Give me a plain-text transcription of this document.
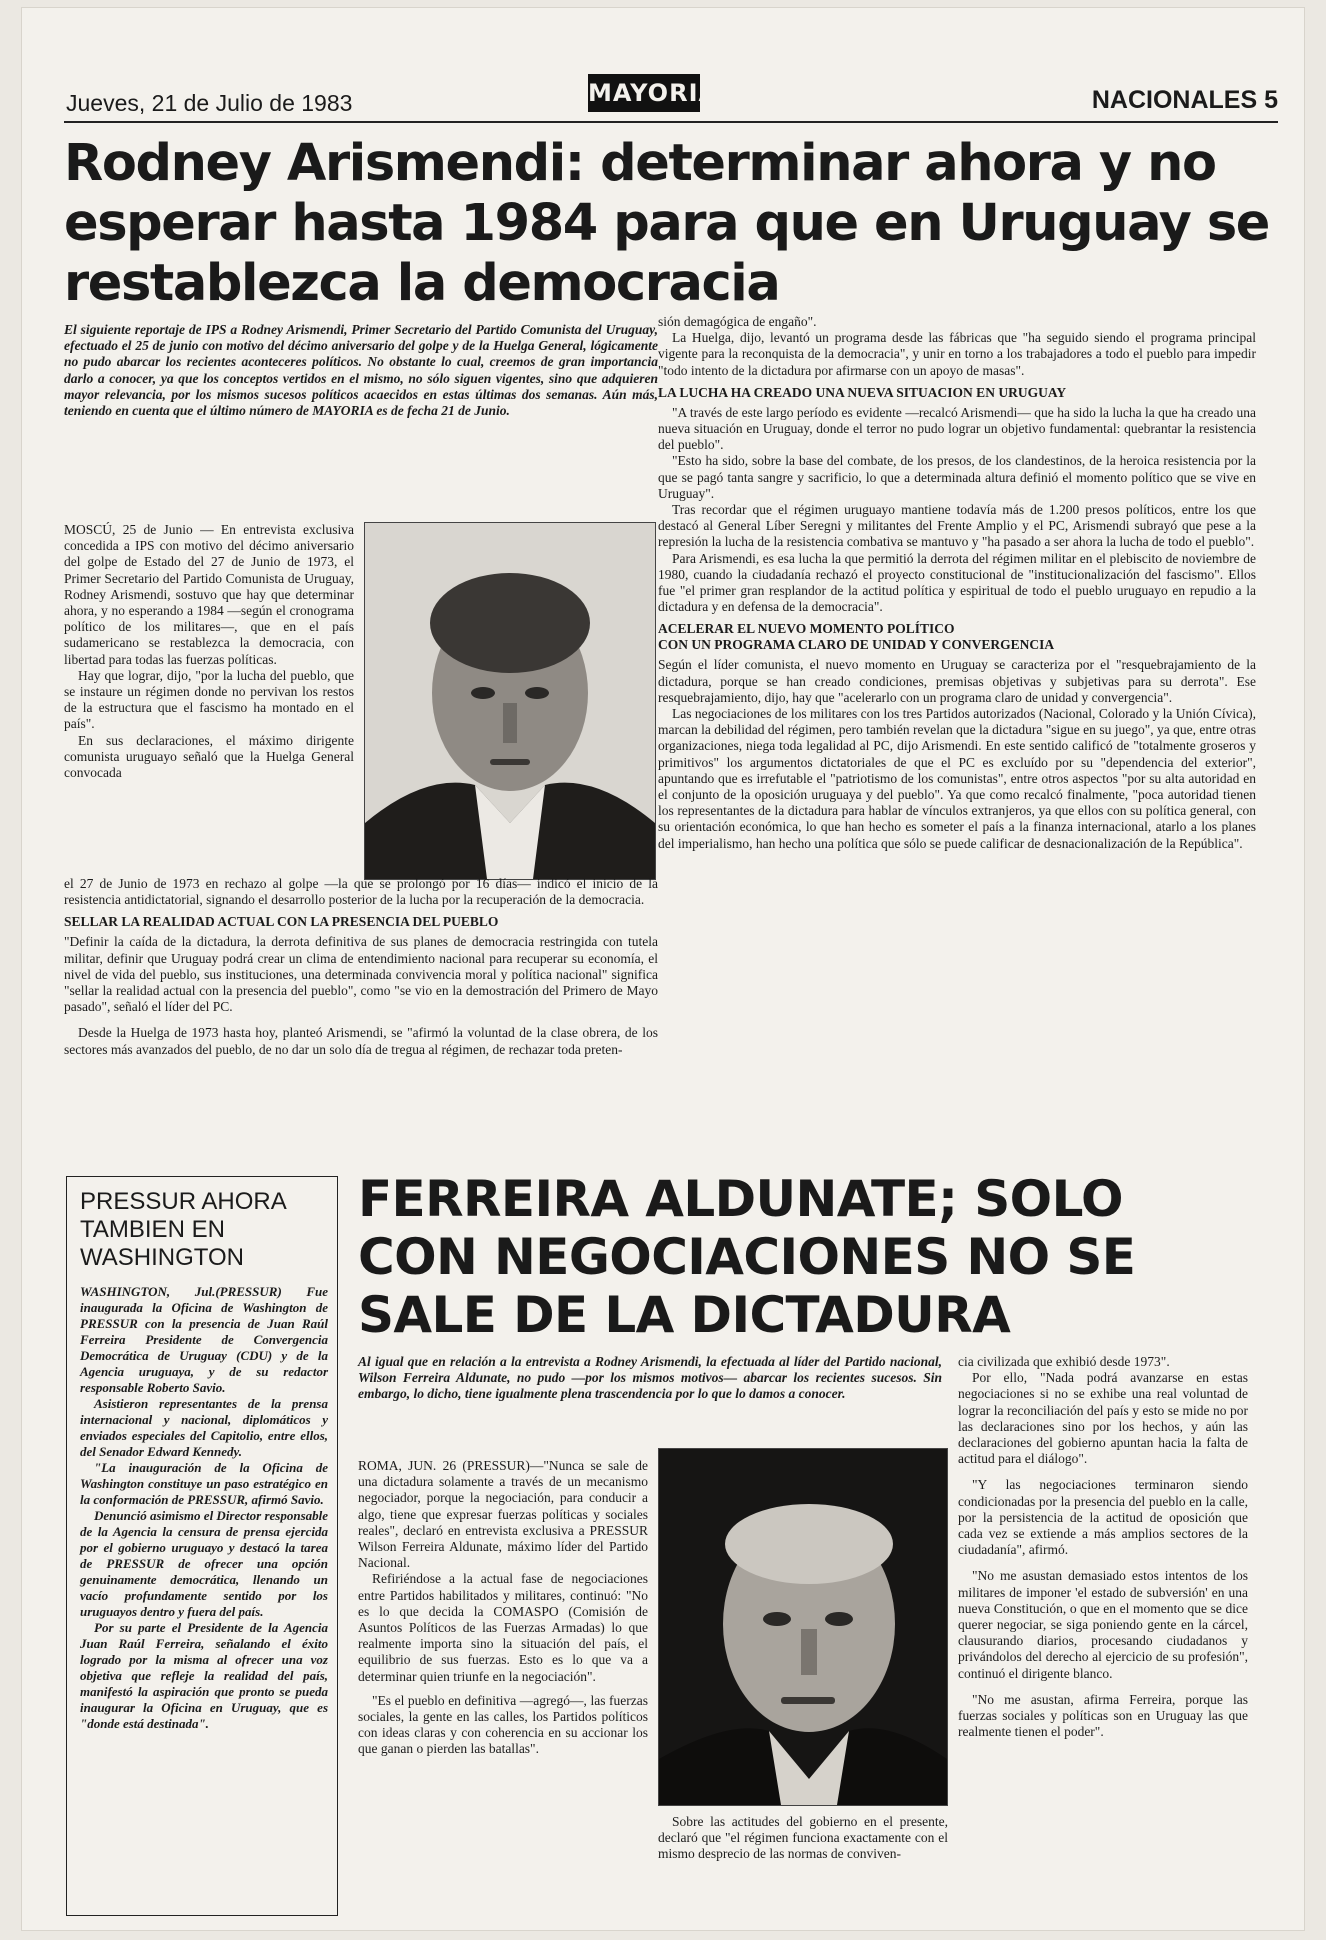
Jueves, 21 de Julio de 1983	MAYORIA	NACIONALES 5
Rodney Arismendi: determinar ahora y no esperar hasta 1984 para que en Uruguay se restablezca la democracia

El siguiente reportaje de IPS a Rodney Arismendi, Primer Secretario del Partido Comunista del Uruguay, efectuado el 25 de junio con motivo del décimo aniversario del golpe y de la Huelga General, lógicamente no pudo abarcar los recientes aconteceres políticos. No obstante lo cual, creemos de gran importancia darlo a conocer, ya que los conceptos vertidos en el mismo, no sólo siguen vigentes, sino que adquieren mayor relevancia, por los mismos sucesos políticos acaecidos en estas últimas dos semanas. Aún más, teniendo en cuenta que el último número de MAYORIA es de fecha 21 de Junio.

MOSCÚ, 25 de Junio — En entrevista exclusiva concedida a IPS con motivo del décimo aniversario del golpe de Estado del 27 de Junio de 1973, el Primer Secretario del Partido Comunista de Uruguay, Rodney Arismendi, sostuvo que hay que determinar ahora, y no esperando a 1984 —según el cronograma político de los militares—, que en el país sudamericano se restablezca la democracia, con libertad para todas las fuerzas políticas.

Hay que lograr, dijo, "por la lucha del pueblo, que se instaure un régimen donde no pervivan los restos de la estructura que el fascismo ha montado en el país".

En sus declaraciones, el máximo dirigente comunista uruguayo señaló que la Huelga General convocada

el 27 de Junio de 1973 en rechazo al golpe —la que se prolongó por 16 días— indicó el inicio de la resistencia antidictatorial, signando el desarrollo posterior de la lucha por la recuperación de la democracia.

SELLAR LA REALIDAD ACTUAL CON LA PRESENCIA DEL PUEBLO

"Definir la caída de la dictadura, la derrota definitiva de sus planes de democracia restringida con tutela militar, definir que Uruguay podrá crear un clima de entendimiento nacional para recuperar su economía, el nivel de vida del pueblo, sus instituciones, una determinada convivencia moral y política nacional" significa "sellar la realidad actual con la presencia del pueblo", como "se vio en la demostración del Primero de Mayo pasado", señaló el líder del PC.

Desde la Huelga de 1973 hasta hoy, planteó Arismendi, se "afirmó la voluntad de la clase obrera, de los sectores más avanzados del pueblo, de no dar un solo día de tregua al régimen, de rechazar toda preten-

sión demagógica de engaño".

La Huelga, dijo, levantó un programa desde las fábricas que "ha seguido siendo el programa principal vigente para la reconquista de la democracia", y unir en torno a los trabajadores a todo el pueblo para impedir "todo intento de la dictadura por afirmarse con un apoyo de masas".

LA LUCHA HA CREADO UNA NUEVA SITUACION EN URUGUAY

"A través de este largo período es evidente —recalcó Arismendi— que ha sido la lucha la que ha creado una nueva situación en Uruguay, donde el terror no pudo lograr un objetivo fundamental: quebrantar la resistencia del pueblo".

"Esto ha sido, sobre la base del combate, de los presos, de los clandestinos, de la heroica resistencia por la que se pagó tanta sangre y sacrificio, lo que a determinada altura definió el momento político que se vive en Uruguay".

Tras recordar que el régimen uruguayo mantiene todavía más de 1.200 presos políticos, entre los que destacó al General Líber Seregni y militantes del Frente Amplio y el PC, Arismendi subrayó que pese a la represión la lucha de la resistencia combativa se mantuvo y "ha pasado a ser ahora la lucha de todo el pueblo".

Para Arismendi, es esa lucha la que permitió la derrota del régimen militar en el plebiscito de noviembre de 1980, cuando la ciudadanía rechazó el proyecto constitucional de "institucionalización del fascismo". Ellos fue "el primer gran resplandor de la actitud política y espiritual de todo el pueblo uruguayo en repudio a la dictadura y en defensa de la democracia".

ACELERAR EL NUEVO MOMENTO POLÍTICO
CON UN PROGRAMA CLARO DE UNIDAD Y CONVERGENCIA

Según el líder comunista, el nuevo momento en Uruguay se caracteriza por el "resquebrajamiento de la dictadura, porque se han creado condiciones, premisas objetivas y subjetivas para su derrota". Ese resquebrajamiento, dijo, hay que "acelerarlo con un programa claro de unidad y convergencia".

Las negociaciones de los militares con los tres Partidos autorizados (Nacional, Colorado y la Unión Cívica), marcan la debilidad del régimen, pero también revelan que la dictadura "sigue en su juego", ya que, entre otras organizaciones, niega toda legalidad al PC, dijo Arismendi. En este sentido calificó de "totalmente groseros y primitivos" los argumentos dictatoriales de que el PC es excluído por su "dependencia del exterior", apuntando que es irrefutable el "patriotismo de los comunistas", entre otros aspectos "por su alta autoridad en el conjunto de la oposición uruguaya y del pueblo". Ya que como recalcó finalmente, "poca autoridad tienen los representantes de la dictadura para hablar de vínculos extranjeros, ya que ellos con su política general, con su orientación económica, lo que han hecho es someter el país a la finanza internacional, atarlo a los planes del imperialismo, han hecho una política que sólo se puede calificar de desnacionalización de la República".

PRESSUR AHORA TAMBIEN EN WASHINGTON

WASHINGTON, Jul.(PRESSUR) Fue inaugurada la Oficina de Washington de PRESSUR con la presencia de Juan Raúl Ferreira Presidente de Convergencia Democrática de Uruguay (CDU) y de la Agencia uruguaya, y de su redactor responsable Roberto Savio.

Asistieron representantes de la prensa internacional y nacional, diplomáticos y enviados especiales del Capitolio, entre ellos, del Senador Edward Kennedy.

"La inauguración de la Oficina de Washington constituye un paso estratégico en la conformación de PRESSUR, afirmó Savio.

Denunció asimismo el Director responsable de la Agencia la censura de prensa ejercida por el gobierno uruguayo y destacó la tarea de PRESSUR de ofrecer una opción genuinamente democrática, llenando un vacío profundamente sentido por los uruguayos dentro y fuera del país.

Por su parte el Presidente de la Agencia Juan Raúl Ferreira, señalando el éxito logrado por la misma al ofrecer una voz objetiva que refleje la realidad del país, manifestó la aspiración que pronto se pueda inaugurar la Oficina en Uruguay, que es "donde está destinada".

FERREIRA ALDUNATE; SOLO CON NEGOCIACIONES NO SE SALE DE LA DICTADURA
Al igual que en relación a la entrevista a Rodney Arismendi, la efectuada al líder del Partido nacional, Wilson Ferreira Aldunate, no pudo —por los mismos motivos— abarcar los recientes sucesos. Sin embargo, lo dicho, tiene igualmente plena trascendencia por lo que lo damos a conocer.

ROMA, JUN. 26 (PRESSUR)—"Nunca se sale de una dictadura solamente a través de un mecanismo negociador, porque la negociación, para conducir a algo, tiene que expresar fuerzas políticas y sociales reales", declaró en entrevista exclusiva a PRESSUR Wilson Ferreira Aldunate, máximo líder del Partido Nacional.

Refiriéndose a la actual fase de negociaciones entre Partidos habilitados y militares, continuó: "No es lo que decida la COMASPO (Comisión de Asuntos Políticos de las Fuerzas Armadas) lo que realmente importa sino la situación del país, el equilibrio de sus fuerzas. Esto es lo que va a determinar quien triunfe en la negociación".

"Es el pueblo en definitiva —agregó—, las fuerzas sociales, la gente en las calles, los Partidos políticos con ideas claras y con coherencia en su accionar los que ganan o pierden las batallas".

Sobre las actitudes del gobierno en el presente, declaró que "el régimen funciona exactamente con el mismo desprecio de las normas de conviven-

cia civilizada que exhibió desde 1973".

Por ello, "Nada podrá avanzarse en estas negociaciones si no se exhibe una real voluntad de lograr la reconciliación del país y esto se mide no por las declaraciones sino por los hechos, y aún las declaraciones del gobierno apuntan hacia la falta de actitud para el diálogo".

"Y las negociaciones terminaron siendo condicionadas por la presencia del pueblo en la calle, por la persistencia de la actitud de oposición que cada vez se extiende a más amplios sectores de la ciudadanía", afirmó.

"No me asustan demasiado estos intentos de los militares de imponer 'el estado de subversión' en una nueva Constitución, o que en el momento que se dice querer negociar, se siga poniendo gente en la cárcel, clausurando diarios, procesando ciudadanos y privándolos del derecho al ejercicio de su profesión", continuó el dirigente blanco.

"No me asustan, afirma Ferreira, porque las fuerzas sociales y políticas son en Uruguay las que realmente tienen el poder".
